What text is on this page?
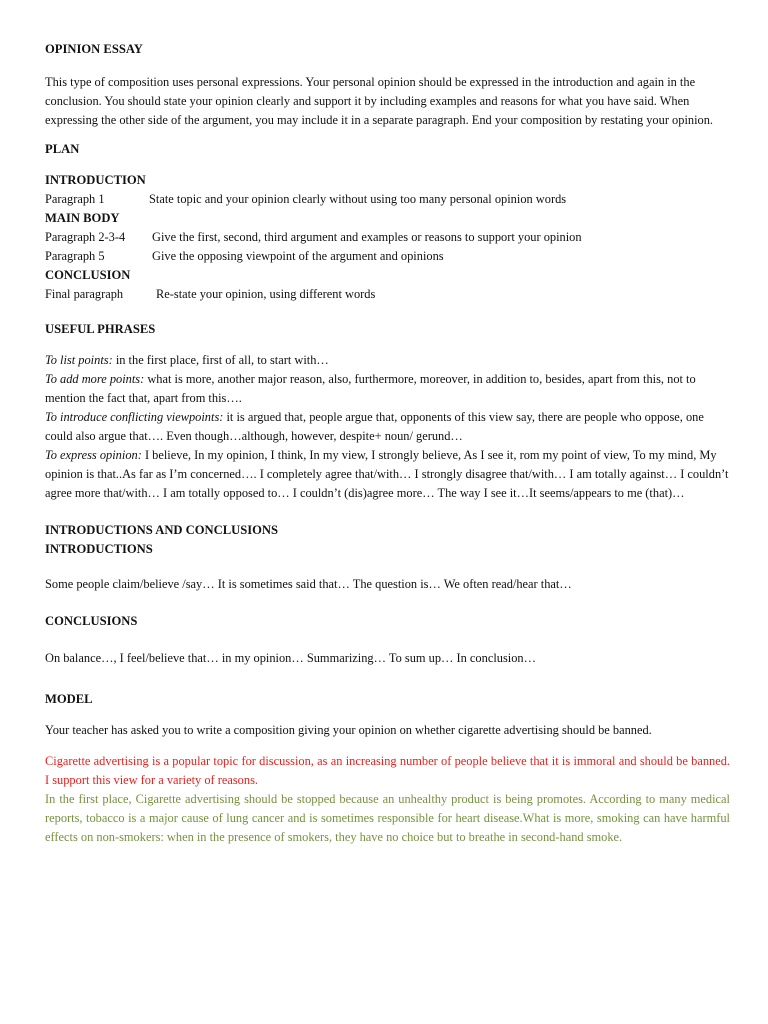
OPINION ESSAY

This type of composition uses personal expressions. Your personal opinion should be expressed in the introduction and again in the conclusion. You should state your opinion clearly and support it by including examples and reasons for what you have said. When expressing the other side of the argument, you may include it in a separate paragraph. End your composition by restating your opinion.

PLAN

INTRODUCTION

Paragraph 1	State topic and your opinion clearly without using too many personal opinion words

MAIN BODY

Paragraph 2-3-4	Give the first, second, third argument and examples or reasons to support your opinion
Paragraph 5	Give the opposing viewpoint of the argument and opinions

CONCLUSION

Final paragraph	Re-state your opinion, using different words

USEFUL PHRASES

To list points: in the first place, first of all, to start with…

To add more points: what is more, another major reason, also, furthermore, moreover, in addition to, besides, apart from this, not to mention the fact that, apart from this….

To introduce conflicting viewpoints: it is argued that, people argue that, opponents of this view say, there are people who oppose, one could also argue that…. Even though…although, however, despite+ noun/ gerund…

To express opinion: I believe, In my opinion, I think, In my view, I strongly believe, As I see it, rom my point of view, To my mind, My opinion is that..As far as I’m concerned…. I completely agree that/with… I strongly disagree that/with… I am totally against… I couldn’t agree more that/with… I am totally opposed to… I couldn’t (dis)agree more… The way I see it…It seems/appears to me (that)…

INTRODUCTIONS AND CONCLUSIONS

INTRODUCTIONS

Some people claim/believe /say… It is sometimes said that… The question is… We often read/hear that…

CONCLUSIONS

On balance…, I feel/believe that… in my opinion… Summarizing… To sum up… In conclusion…

MODEL

Your teacher has asked you to write a composition giving your opinion on whether cigarette advertising should be banned.

Cigarette advertising is a popular topic for discussion, as an increasing number of people believe that it is immoral and should be banned. I support this view for a variety of reasons.

In the first place, Cigarette advertising should be stopped because an unhealthy product is being promotes. According to many medical reports, tobacco is a major cause of lung cancer and is sometimes responsible for heart disease.What is more, smoking can have harmful effects on non-smokers: when in the presence of smokers, they have no choice but to breathe in second-hand smoke.
